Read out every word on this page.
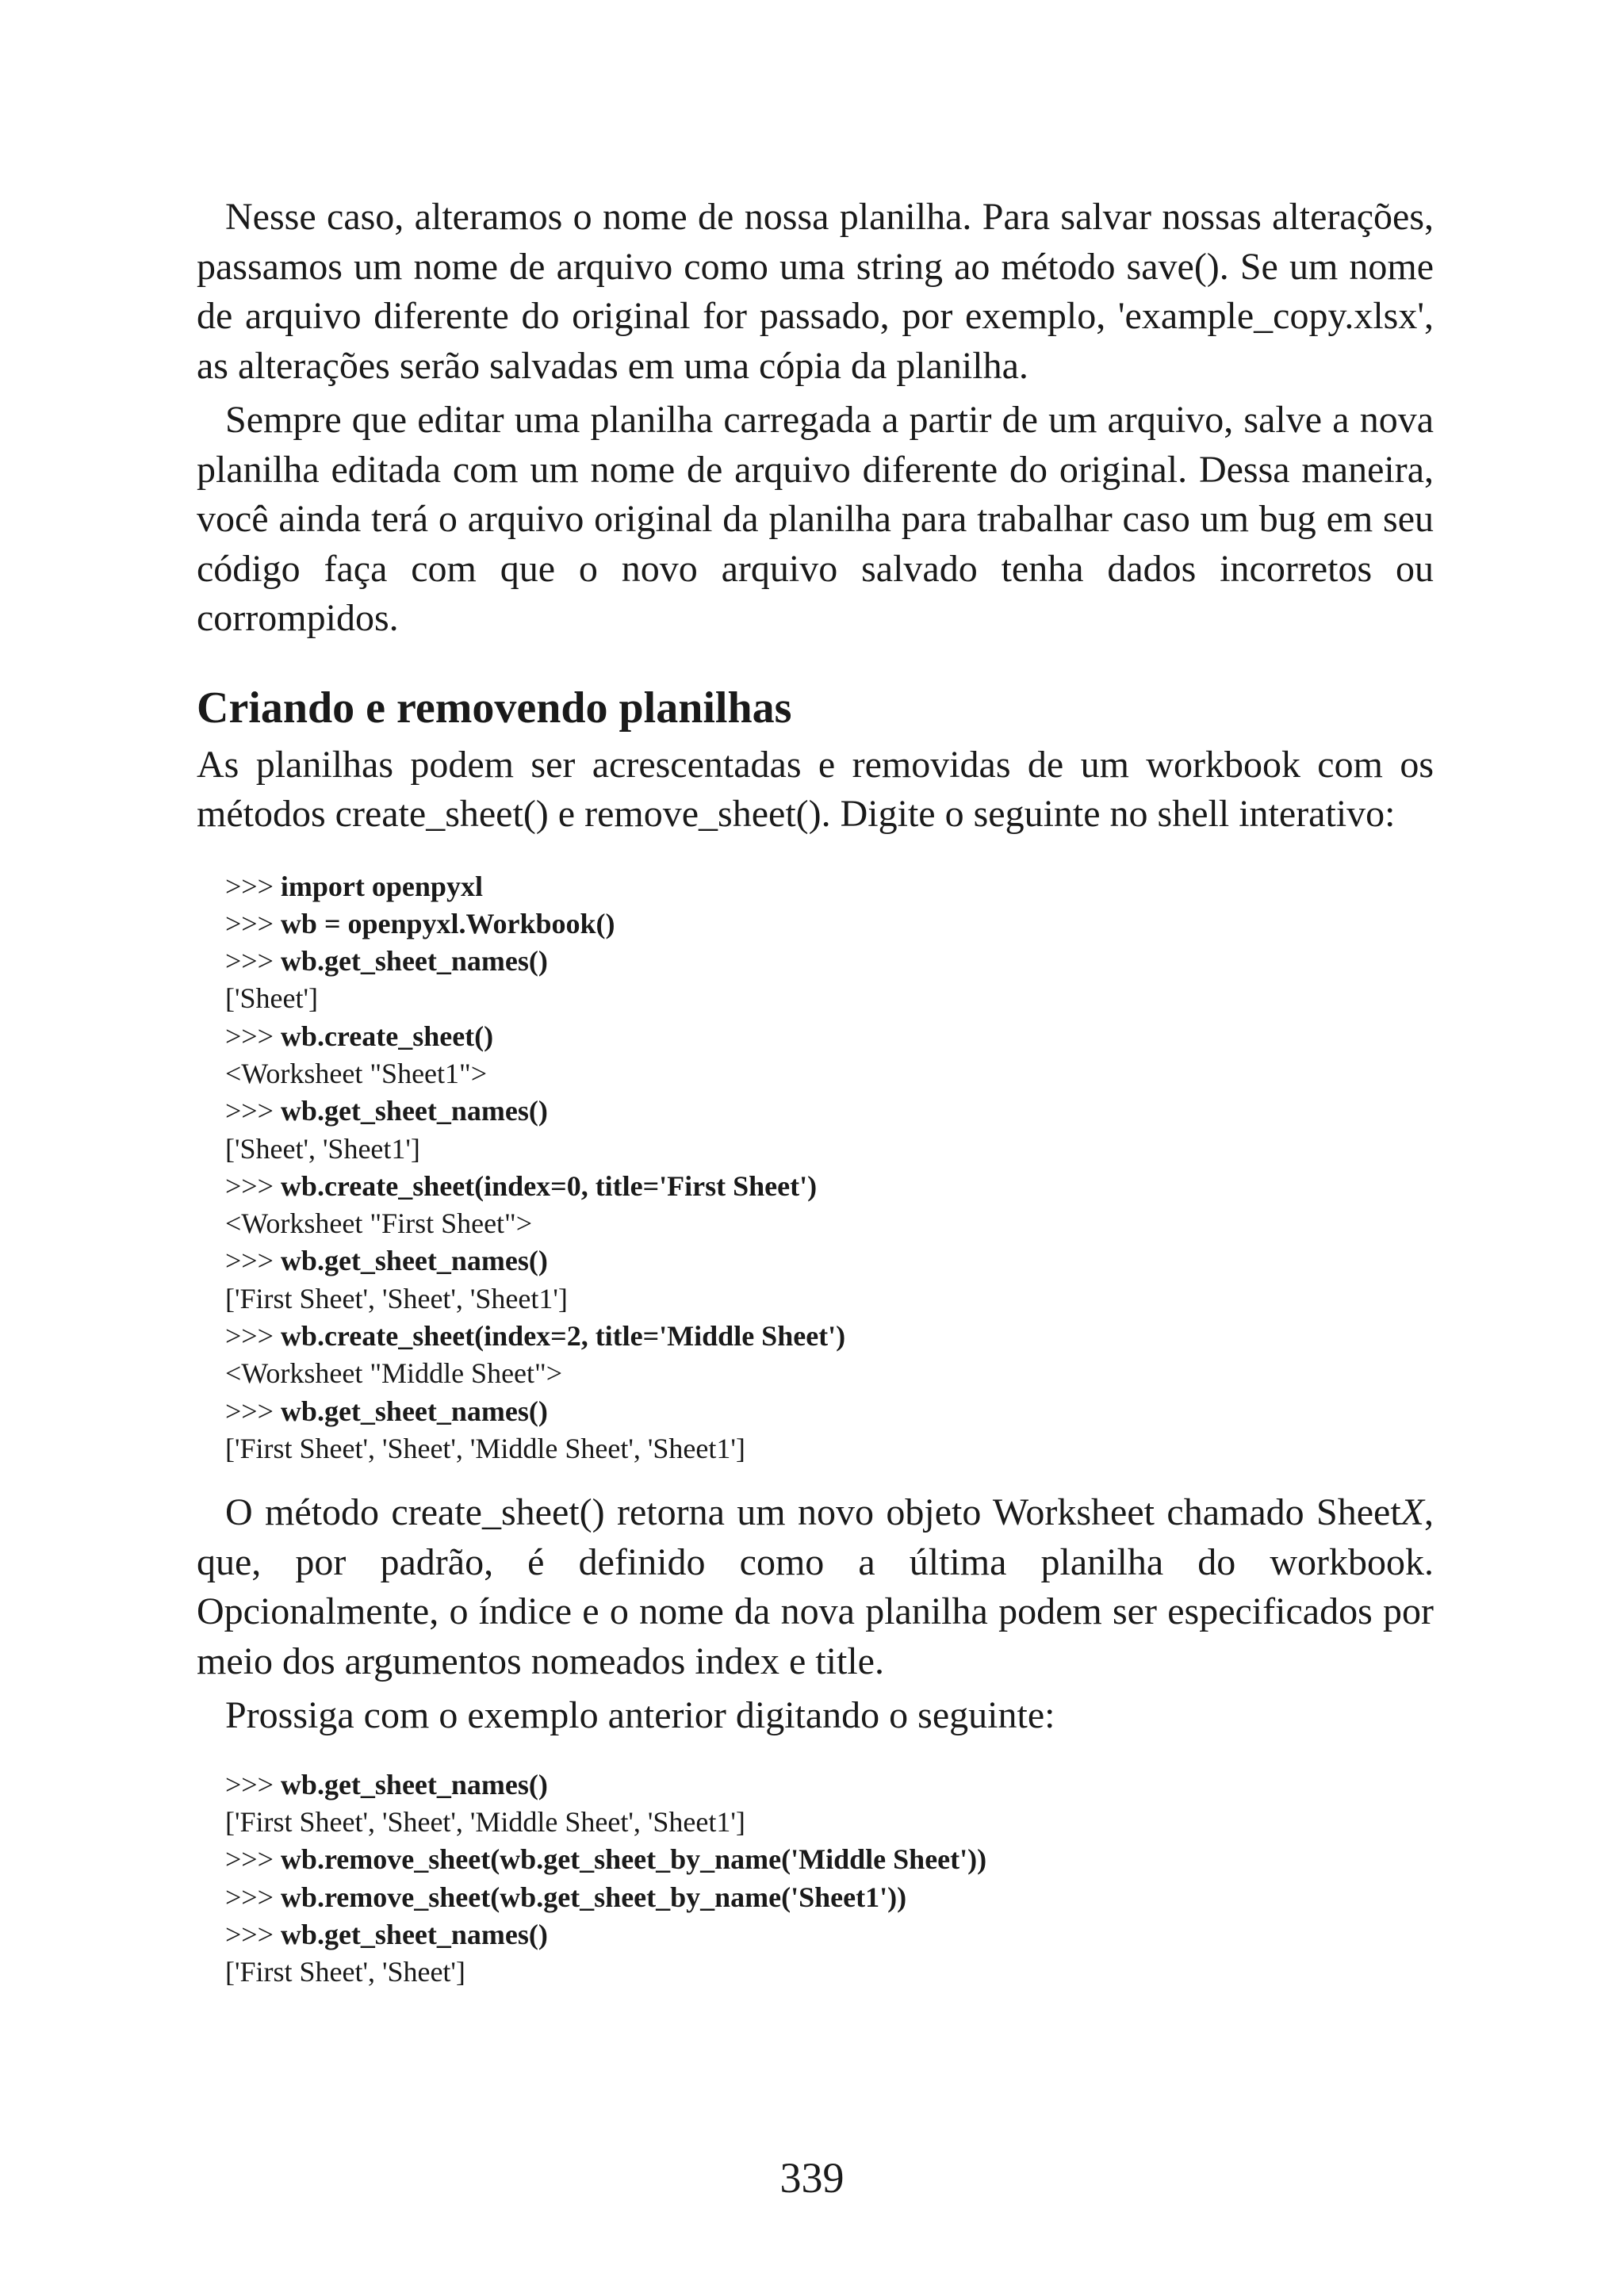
Nesse caso, alteramos o nome de nossa planilha. Para salvar nossas alterações, passamos um nome de arquivo como uma string ao método save(). Se um nome de arquivo diferente do original for passado, por exemplo, 'example_copy.xlsx', as alterações serão salvadas em uma cópia da planilha.

Sempre que editar uma planilha carregada a partir de um arquivo, salve a nova planilha editada com um nome de arquivo diferente do original. Dessa maneira, você ainda terá o arquivo original da planilha para trabalhar caso um bug em seu código faça com que o novo arquivo salvado tenha dados incorretos ou corrompidos.

Criando e removendo planilhas

As planilhas podem ser acrescentadas e removidas de um workbook com os métodos create_sheet() e remove_sheet(). Digite o seguinte no shell interativo:

>>> import openpyxl
>>> wb = openpyxl.Workbook()
>>> wb.get_sheet_names()
['Sheet']
>>> wb.create_sheet()
<Worksheet "Sheet1">
>>> wb.get_sheet_names()
['Sheet', 'Sheet1']
>>> wb.create_sheet(index=0, title='First Sheet')
<Worksheet "First Sheet">
>>> wb.get_sheet_names()
['First Sheet', 'Sheet', 'Sheet1']
>>> wb.create_sheet(index=2, title='Middle Sheet')
<Worksheet "Middle Sheet">
>>> wb.get_sheet_names()
['First Sheet', 'Sheet', 'Middle Sheet', 'Sheet1']

O método create_sheet() retorna um novo objeto Worksheet chamado SheetX, que, por padrão, é definido como a última planilha do workbook. Opcionalmente, o índice e o nome da nova planilha podem ser especificados por meio dos argumentos nomeados index e title.

Prossiga com o exemplo anterior digitando o seguinte:

>>> wb.get_sheet_names()
['First Sheet', 'Sheet', 'Middle Sheet', 'Sheet1']
>>> wb.remove_sheet(wb.get_sheet_by_name('Middle Sheet'))
>>> wb.remove_sheet(wb.get_sheet_by_name('Sheet1'))
>>> wb.get_sheet_names()
['First Sheet', 'Sheet']
339
